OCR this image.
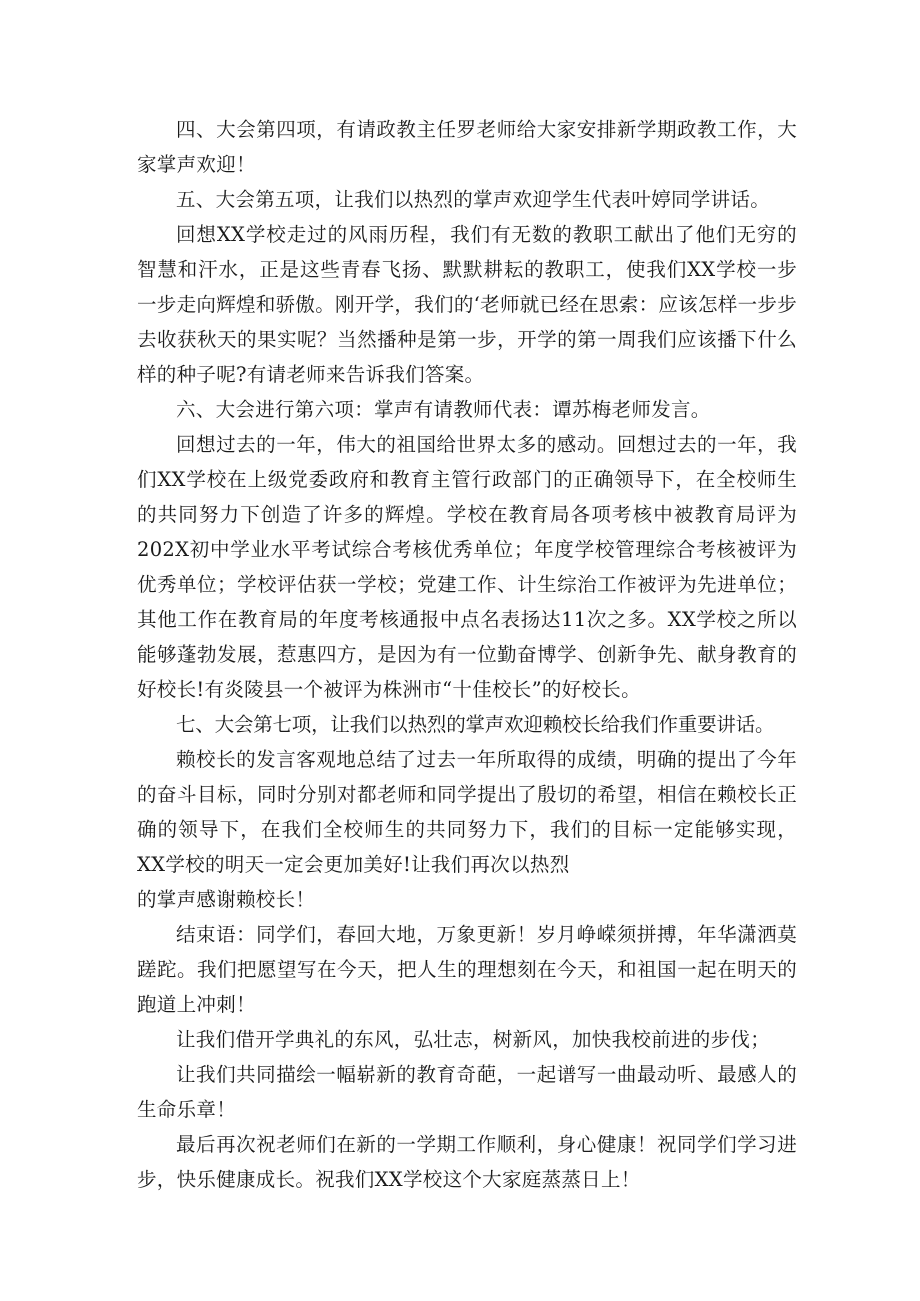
四、大会第四项，有请政教主任罗老师给大家安排新学期政教工作，大家掌声欢迎！

五、大会第五项，让我们以热烈的掌声欢迎学生代表叶婷同学讲话。

回想XX学校走过的风雨历程，我们有无数的教职工献出了他们无穷的智慧和汗水，正是这些青春飞扬、默默耕耘的教职工，使我们XX学校一步一步走向辉煌和骄傲。刚开学，我们的‘老师就已经在思索：应该怎样一步步去收获秋天的果实呢？当然播种是第一步，开学的第一周我们应该播下什么样的种子呢?有请老师来告诉我们答案。

六、大会进行第六项：掌声有请教师代表：谭苏梅老师发言。

回想过去的一年，伟大的祖国给世界太多的感动。回想过去的一年，我们XX学校在上级党委政府和教育主管行政部门的正确领导下，在全校师生的共同努力下创造了许多的辉煌。学校在教育局各项考核中被教育局评为202X初中学业水平考试综合考核优秀单位；年度学校管理综合考核被评为优秀单位；学校评估获一学校；党建工作、计生综治工作被评为先进单位；其他工作在教育局的年度考核通报中点名表扬达11次之多。XX学校之所以能够蓬勃发展，惹惠四方，是因为有一位勤奋博学、创新争先、献身教育的好校长!有炎陵县一个被评为株洲市“十佳校长”的好校长。

七、大会第七项，让我们以热烈的掌声欢迎赖校长给我们作重要讲话。

赖校长的发言客观地总结了过去一年所取得的成绩，明确的提出了今年的奋斗目标，同时分别对都老师和同学提出了殷切的希望，相信在赖校长正确的领导下，在我们全校师生的共同努力下，我们的目标一定能够实现，XX学校的明天一定会更加美好!让我们再次以热烈

的掌声感谢赖校长！

结束语：同学们，春回大地，万象更新！岁月峥嵘须拼搏，年华潇洒莫蹉跎。我们把愿望写在今天，把人生的理想刻在今天，和祖国一起在明天的跑道上冲刺！

让我们借开学典礼的东风，弘壮志，树新风，加快我校前进的步伐；

让我们共同描绘一幅崭新的教育奇葩，一起谱写一曲最动听、最感人的生命乐章！

最后再次祝老师们在新的一学期工作顺利，身心健康！祝同学们学习进步，快乐健康成长。祝我们XX学校这个大家庭蒸蒸日上！
